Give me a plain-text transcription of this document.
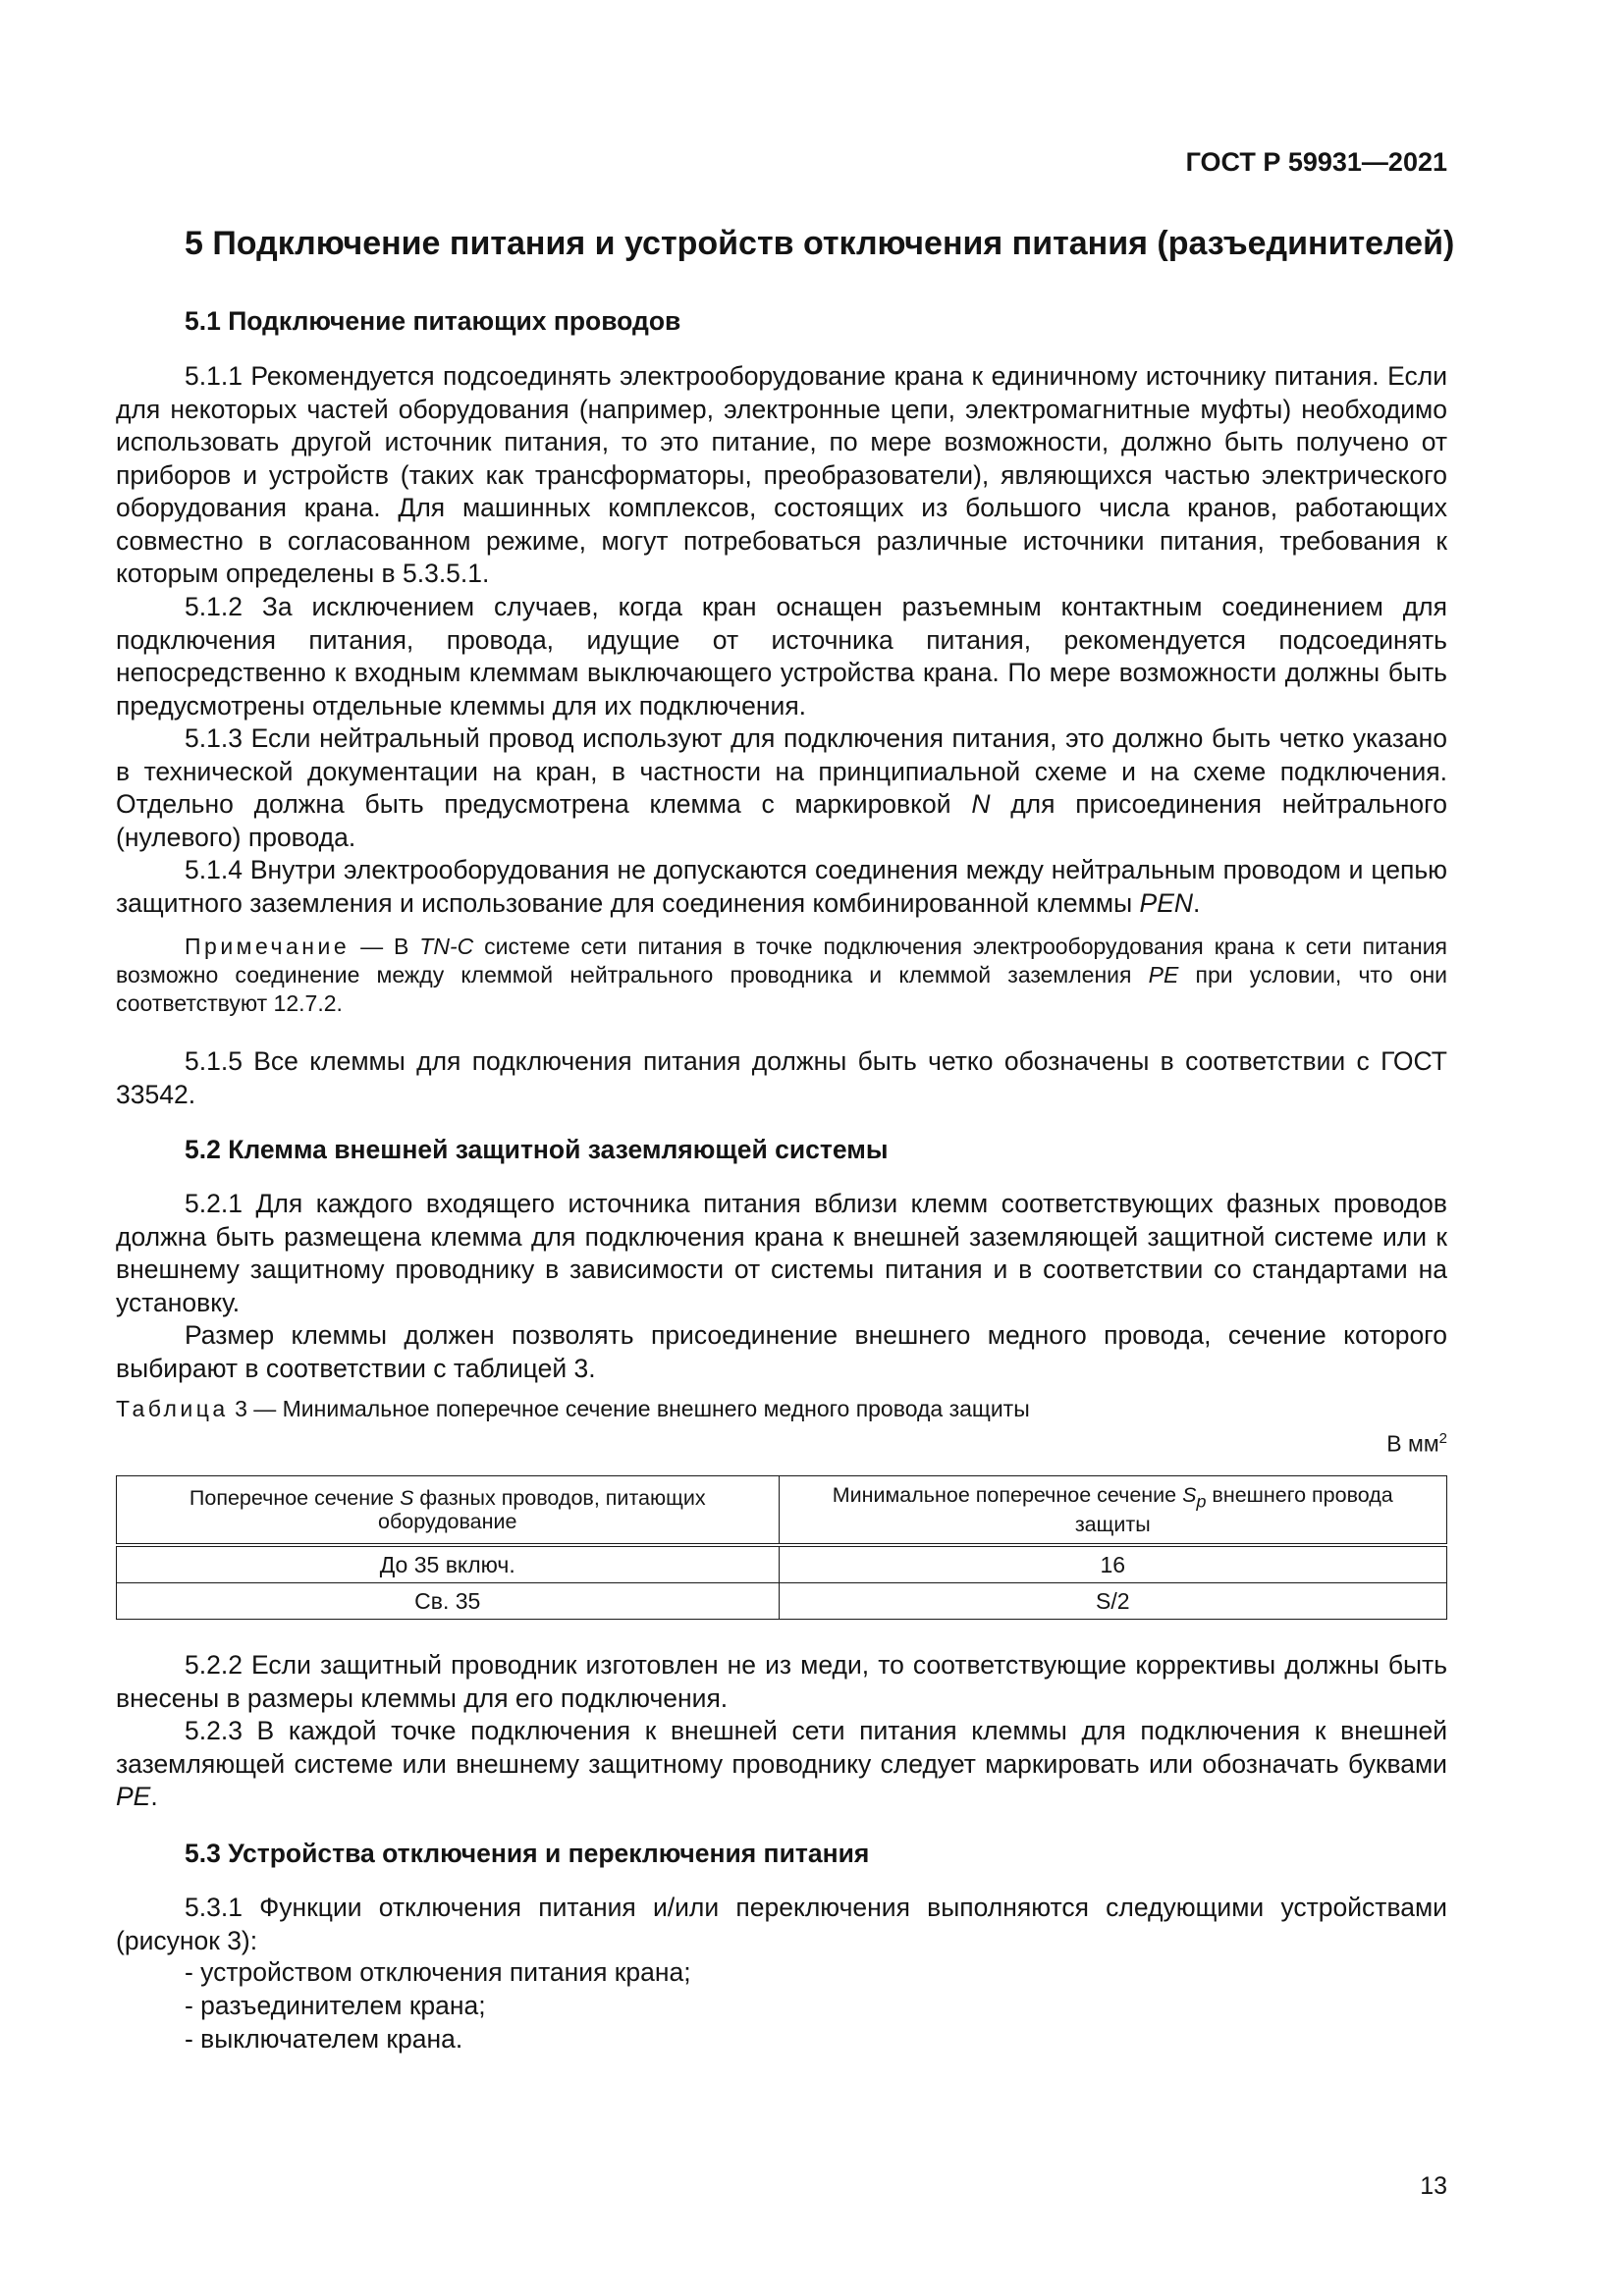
ГОСТ Р 59931—2021
5 Подключение питания и устройств отключения питания (разъединителей)
5.1 Подключение питающих проводов

5.1.1 Рекомендуется подсоединять электрооборудование крана к единичному источнику питания. Если для некоторых частей оборудования (например, электронные цепи, электромагнитные муфты) необходимо использовать другой источник питания, то это питание, по мере возможности, должно быть получено от приборов и устройств (таких как трансформаторы, преобразователи), являющихся частью электрического оборудования крана. Для машинных комплексов, состоящих из большого числа кранов, работающих совместно в согласованном режиме, могут потребоваться различные источники питания, требования к которым определены в 5.3.5.1.

5.1.2 За исключением случаев, когда кран оснащен разъемным контактным соединением для подключения питания, провода, идущие от источника питания, рекомендуется подсоединять непосредственно к входным клеммам выключающего устройства крана. По мере возможности должны быть предусмотрены отдельные клеммы для их подключения.

5.1.3 Если нейтральный провод используют для подключения питания, это должно быть четко указано в технической документации на кран, в частности на принципиальной схеме и на схеме подключения. Отдельно должна быть предусмотрена клемма с маркировкой N для присоединения нейтрального (нулевого) провода.

5.1.4 Внутри электрооборудования не допускаются соединения между нейтральным проводом и цепью защитного заземления и использование для соединения комбинированной клеммы PEN.

Примечание — В TN-C системе сети питания в точке подключения электрооборудования крана к сети питания возможно соединение между клеммой нейтрального проводника и клеммой заземления PE при условии, что они соответствуют 12.7.2.

5.1.5 Все клеммы для подключения питания должны быть четко обозначены в соответствии с ГОСТ 33542.

5.2 Клемма внешней защитной заземляющей системы

5.2.1 Для каждого входящего источника питания вблизи клемм соответствующих фазных проводов должна быть размещена клемма для подключения крана к внешней заземляющей защитной системе или к внешнему защитному проводнику в зависимости от системы питания и в соответствии со стандартами на установку.

Размер клеммы должен позволять присоединение внешнего медного провода, сечение которого выбирают в соответствии с таблицей 3.

Таблица 3 — Минимальное поперечное сечение внешнего медного провода защиты
В $мм^2$
Поперечное сечение S фазных проводов, питающих оборудование	Минимальное поперечное сечение $S_p$ внешнего провода защиты
До 35 включ.	16
Св. 35	S/2

5.2.2 Если защитный проводник изготовлен не из меди, то соответствующие коррективы должны быть внесены в размеры клеммы для его подключения.

5.2.3 В каждой точке подключения к внешней сети питания клеммы для подключения к внешней заземляющей системе или внешнему защитному проводнику следует маркировать или обозначать буквами PE.

5.3 Устройства отключения и переключения питания

5.3.1 Функции отключения питания и/или переключения выполняются следующими устройствами (рисунок 3):

- устройством отключения питания крана;
- разъединителем крана;
- выключателем крана.
13
